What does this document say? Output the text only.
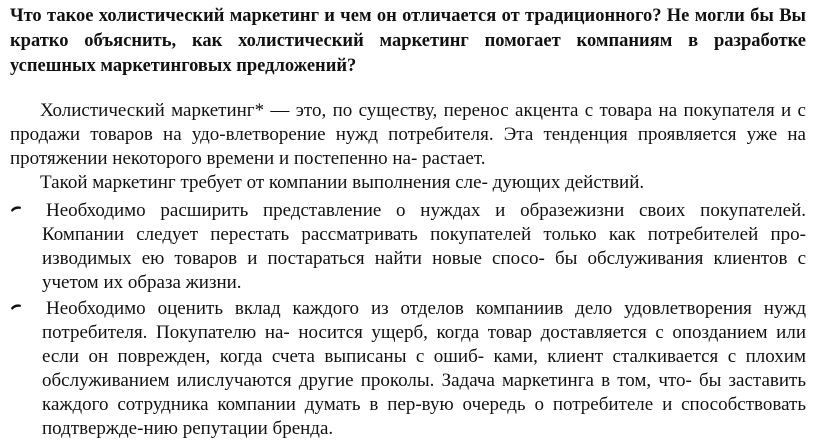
Что такое холистический маркетинг и чем он отличается от традиционного? Не могли бы Вы кратко объяснить, как холистический маркетинг помогает компаниям в разработке успешных маркетинговых предложений?

Холистический маркетинг* — это, по существу, перенос акцента с товара на покупателя и с продажи товаров на удо-влетворение нужд потребителя. Эта тенденция проявляется уже на протяжении некоторого времени и постепенно на- растает.

Такой маркетинг требует от компании выполнения сле- дующих действий.

Необходимо расширить представление о нуждах и образежизни своих покупателей. Компании следует перестать рассматривать покупателей только как потребителей про- изводимых ею товаров и постараться найти новые спосо- бы обслуживания клиентов с учетом их образа жизни.
Необходимо оценить вклад каждого из отделов компаниив дело удовлетворения нужд потребителя. Покупателю на- носится ущерб, когда товар доставляется с опозданием или если он поврежден, когда счета выписаны с ошиб- ками, клиент сталкивается с плохим обслуживанием илислучаются другие проколы. Задача маркетинга в том, что- бы заставить каждого сотрудника компании думать в пер-вую очередь о потребителе и способствовать подтвержде-нию репутации бренда.
